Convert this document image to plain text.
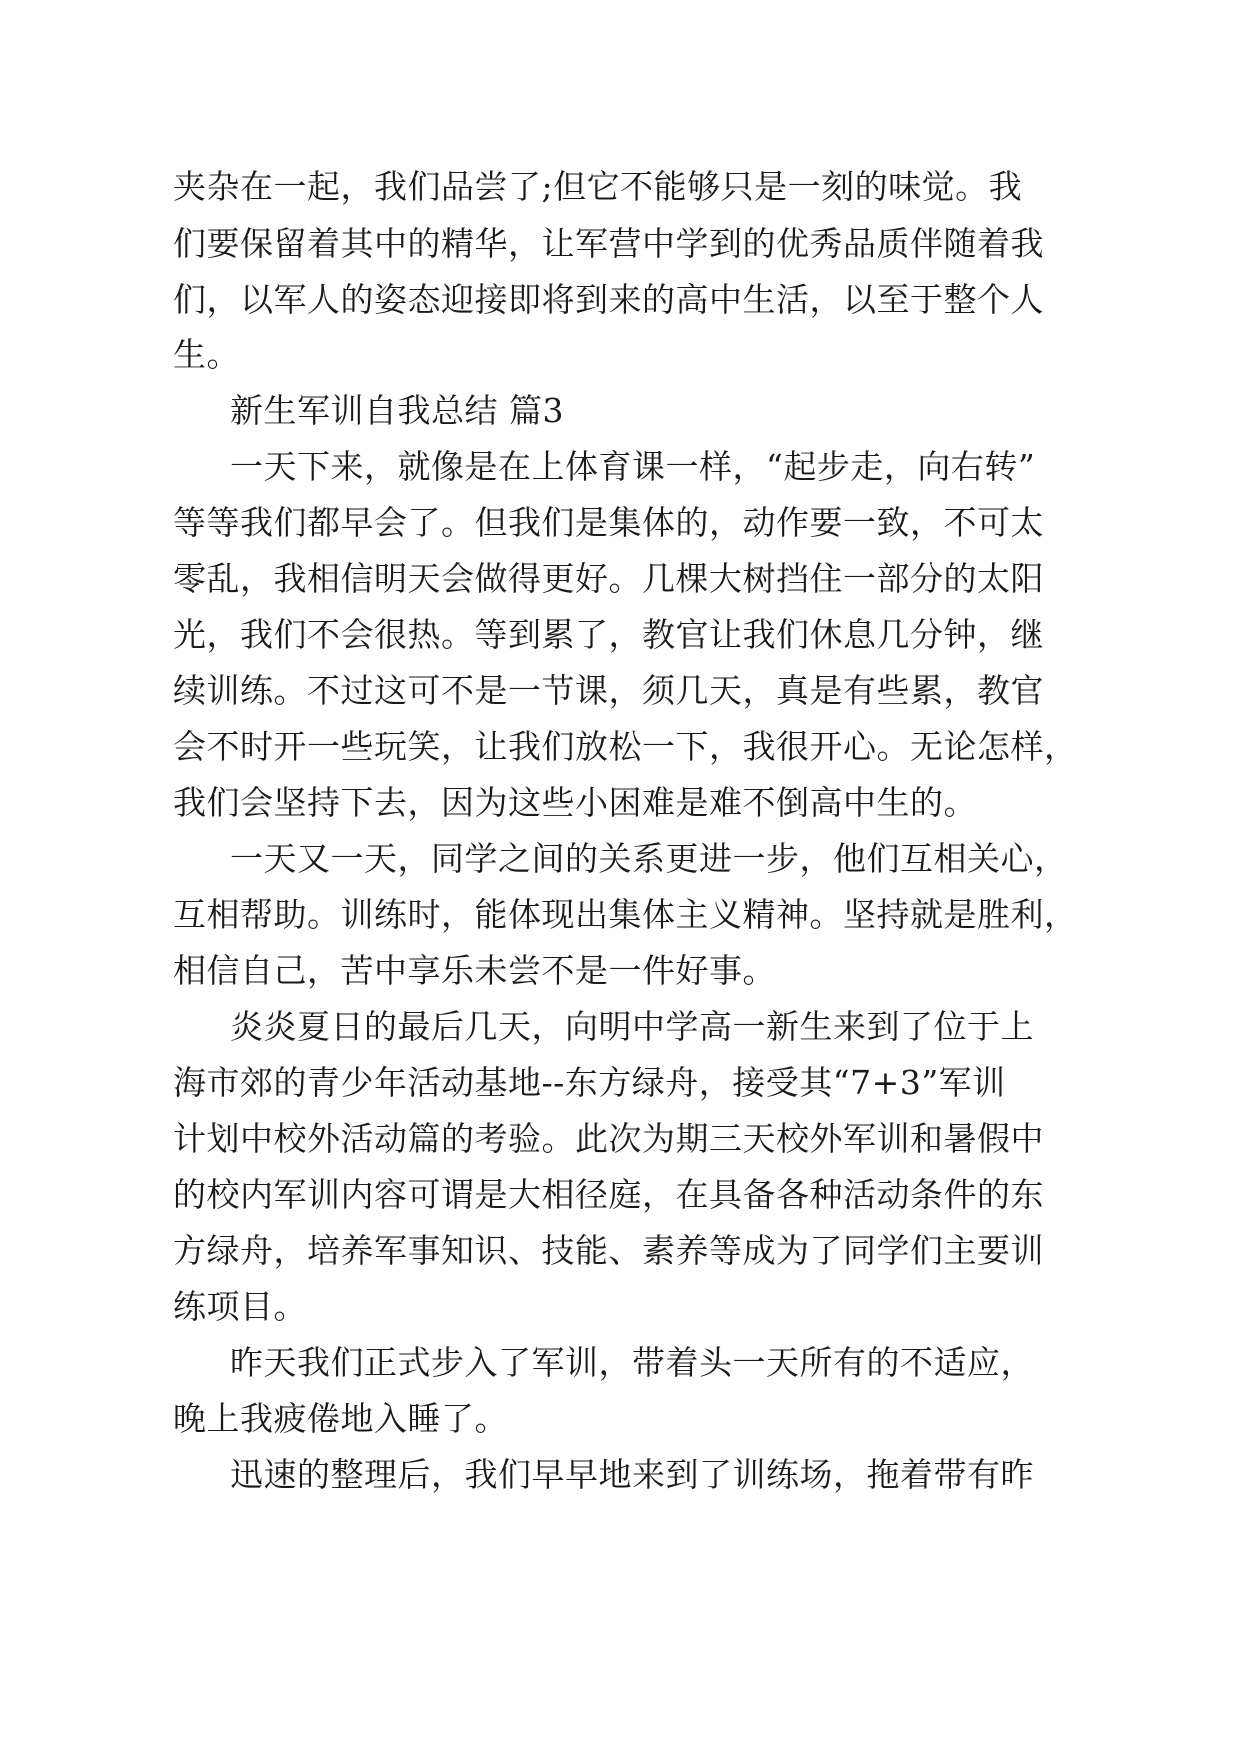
夹杂在一起，我们品尝了;但它不能够只是一刻的味觉。我
们要保留着其中的精华，让军营中学到的优秀品质伴随着我
们，以军人的姿态迎接即将到来的高中生活，以至于整个人
生。
新生军训自我总结 篇3
一天下来，就像是在上体育课一样，“起步走，向右转”
等等我们都早会了。但我们是集体的，动作要一致，不可太
零乱，我相信明天会做得更好。几棵大树挡住一部分的太阳
光，我们不会很热。等到累了，教官让我们休息几分钟，继
续训练。不过这可不是一节课，须几天，真是有些累，教官
会不时开一些玩笑，让我们放松一下，我很开心。无论怎样，
我们会坚持下去，因为这些小困难是难不倒高中生的。
一天又一天，同学之间的关系更进一步，他们互相关心，
互相帮助。训练时，能体现出集体主义精神。坚持就是胜利，
相信自己，苦中享乐未尝不是一件好事。
炎炎夏日的最后几天，向明中学高一新生来到了位于上
海市郊的青少年活动基地--东方绿舟，接受其“7+3”军训
计划中校外活动篇的考验。此次为期三天校外军训和暑假中
的校内军训内容可谓是大相径庭，在具备各种活动条件的东
方绿舟，培养军事知识、技能、素养等成为了同学们主要训
练项目。
昨天我们正式步入了军训，带着头一天所有的不适应，
晚上我疲倦地入睡了。
迅速的整理后，我们早早地来到了训练场，拖着带有昨
